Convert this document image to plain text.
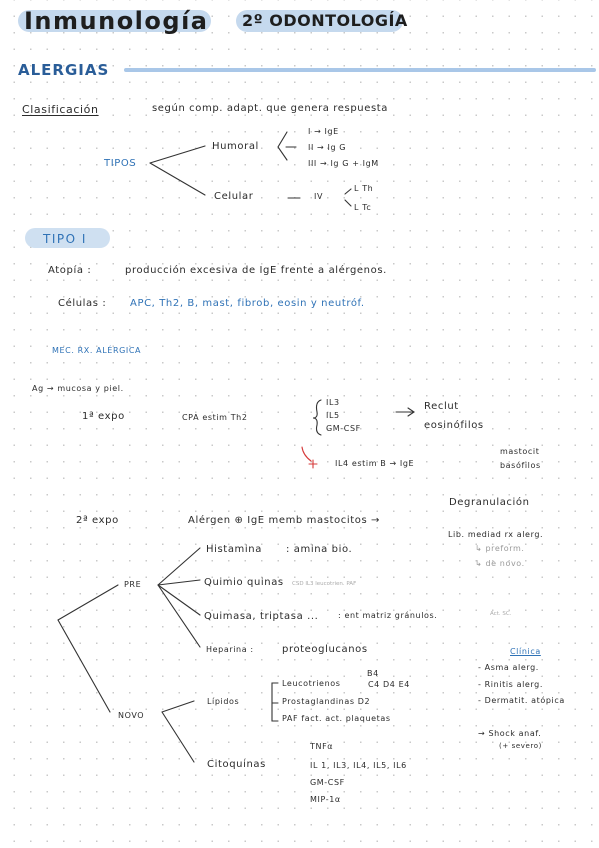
Inmunología 2º ODONTOLOGÍA
ALERGIAS
Clasificación	según comp. adapt. que genera respuesta
TIPOS
Humoral
I → IgE
II → Ig G
III → Ig G + IgM
Celular	IV
L Th
L Tc
TIPO I
Atopía :	producción excesiva de IgE frente a alérgenos.
Células : APC, Th2, B, mast, fibrob, eosin y neutróf.
MEC. RX. ALÉRGICA
Ag → mucosa y piel.
1ª expo	CPA estim Th2
IL3
IL5
GM-CSF
Reclut
eosinófilos
IL4 estim B → IgE
mastocit
basófilos
Degranulación
2ª expo	Alérgen ⊕ IgE memb mastocitos →
Lib. mediad rx alerg.
↳ preform.
↳ de novo.
PRE
Histamina : amina bio.
Quimio quinas CSD IL3 leucotrien. PAF
Quimasa, triptasa ... : ent matriz gránulos.	Act. SC.
Heparina :	proteoglucanos
NOVO
Lípidos
Leucotrienos
B4
C4 D4 E4
Prostaglandinas D2
PAF fact. act. plaquetas
Citoquinas
TNFα
IL 1, IL3, IL4, IL5, IL6
GM-CSF
MIP-1α
Clínica
- Asma alerg.
- Rinitis alerg.
- Dermatit. atópica
→ Shock anaf.
(+ severo)
